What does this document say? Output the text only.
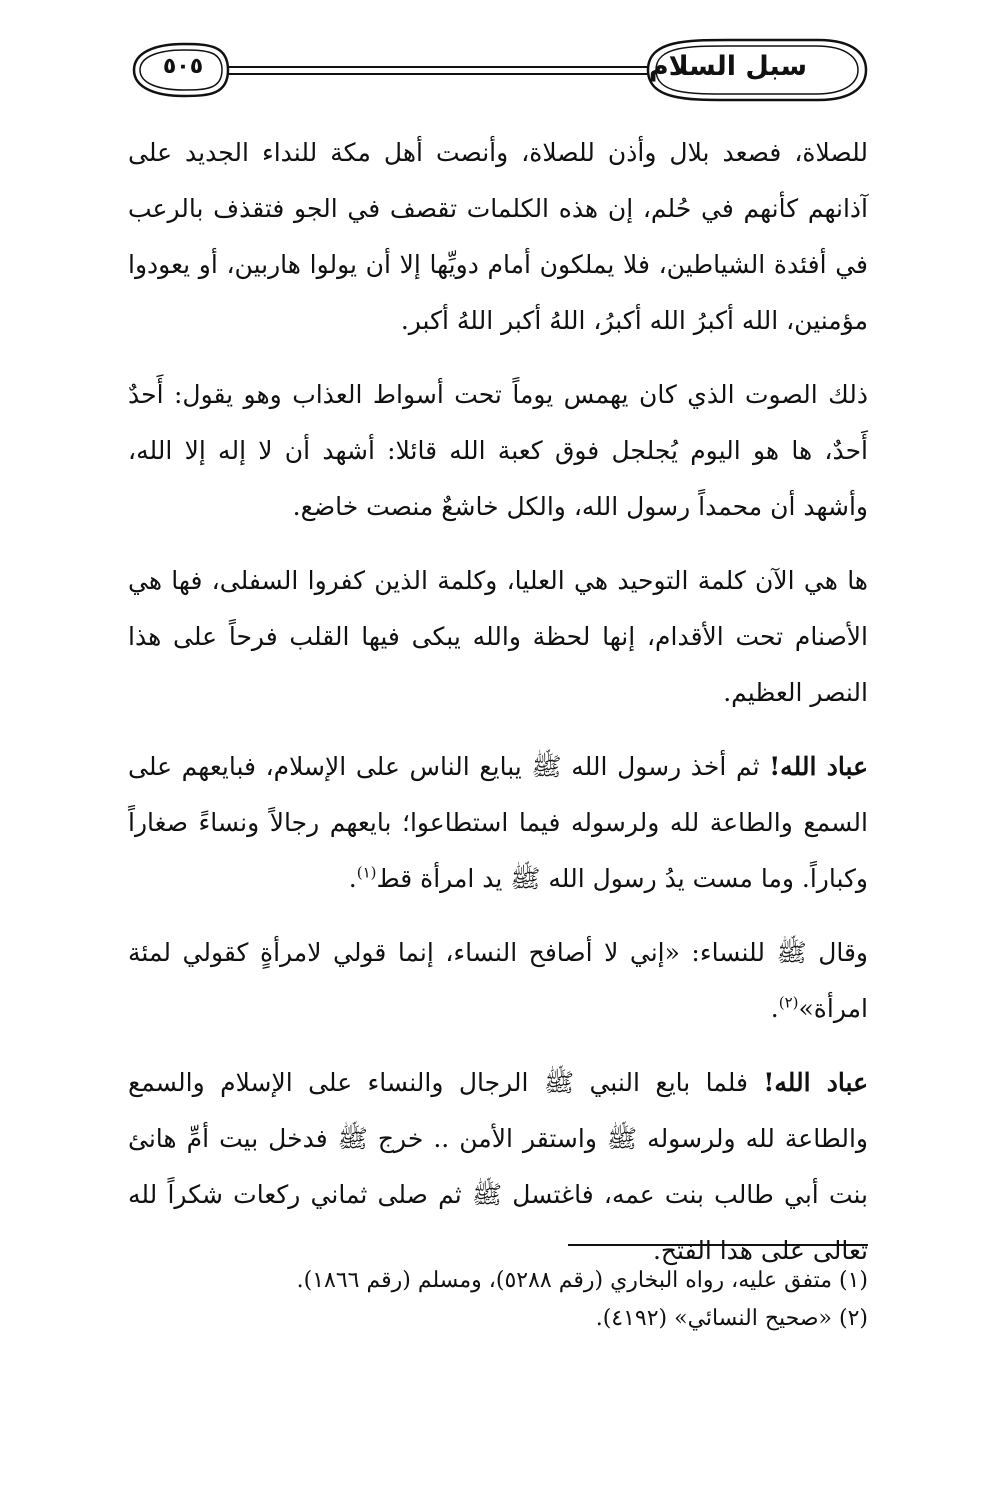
سبل السلام
٥٠٥

للصلاة، فصعد بلال وأذن للصلاة، وأنصت أهل مكة للنداء الجديد على آذانهم كأنهم في حُلم، إن هذه الكلمات تقصف في الجو فتقذف بالرعب في أفئدة الشياطين، فلا يملكون أمام دويِّها إلا أن يولوا هاربين، أو يعودوا مؤمنين، الله أكبرُ الله أكبرُ، اللهُ أكبر اللهُ أكبر.

ذلك الصوت الذي كان يهمس يوماً تحت أسواط العذاب وهو يقول: أَحدٌ أَحدٌ، ها هو اليوم يُجلجل فوق كعبة الله قائلا: أشهد أن لا إله إلا الله، وأشهد أن محمداً رسول الله، والكل خاشعٌ منصت خاضع.

ها هي الآن كلمة التوحيد هي العليا، وكلمة الذين كفروا السفلى، فها هي الأصنام تحت الأقدام، إنها لحظة والله يبكى فيها القلب فرحاً على هذا النصر العظيم.

عباد الله! ثم أخذ رسول الله ﷺ يبايع الناس على الإسلام، فبايعهم على السمع والطاعة لله ولرسوله فيما استطاعوا؛ بايعهم رجالاً ونساءً صغاراً وكباراً. وما مست يدُ رسول الله ﷺ يد امرأة قط$^{(١)}$.

وقال ﷺ للنساء: «إني لا أصافح النساء، إنما قولي لامرأةٍ كقولي لمئة امرأة»$^{(٢)}$.

عباد الله! فلما بايع النبي ﷺ الرجال والنساء على الإسلام والسمع والطاعة لله ولرسوله ﷺ واستقر الأمن .. خرج ﷺ فدخل بيت أمِّ هانئ بنت أبي طالب بنت عمه، فاغتسل ﷺ ثم صلى ثماني ركعات شكراً لله تعالى على هذا الفتح.

(١) متفق عليه، رواه البخاري (رقم ٥٢٨٨)، ومسلم (رقم ١٨٦٦).

(٢) «صحيح النسائي» (٤١٩٢).
